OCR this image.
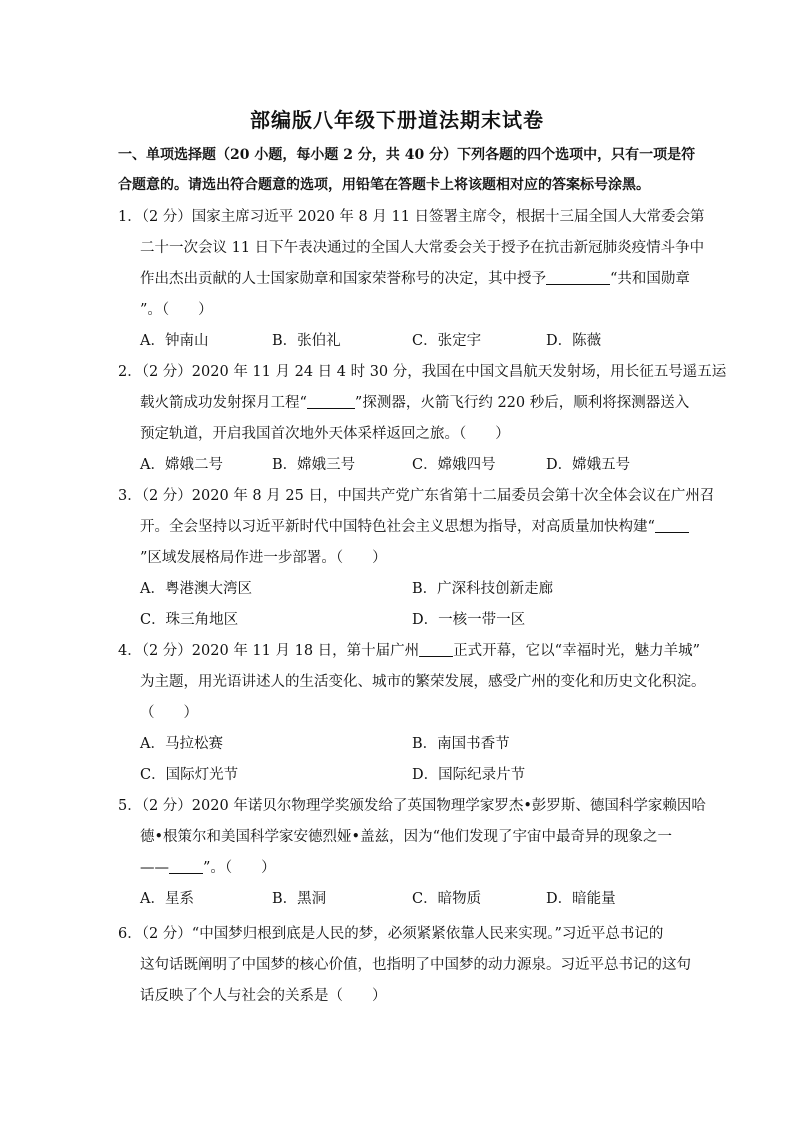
部编版八年级下册道法期末试卷
一、单项选择题（20 小题，每小题 2 分，共 40 分）下列各题的四个选项中，只有一项是符
合题意的。请选出符合题意的选项，用铅笔在答题卡上将该题相对应的答案标号涂黑。
1．（2 分）国家主席习近平 2020 年 8 月 11 日签署主席令，根据十三届全国人大常委会第
二十一次会议 11 日下午表决通过的全国人大常委会关于授予在抗击新冠肺炎疫情斗争中
作出杰出贡献的人士国家勋章和国家荣誉称号的决定，其中授予	“共和国勋章
”。（　　）
A．钟南山	B．张伯礼	C．张定宇	D．陈薇
2．（2 分）2020 年 11 月 24 日 4 时 30 分，我国在中国文昌航天发射场，用长征五号遥五运
载火箭成功发射探月工程“	”探测器，火箭飞行约 220 秒后，顺利将探测器送入
预定轨道，开启我国首次地外天体采样返回之旅。（　　）
A．嫦娥二号	B．嫦娥三号	C．嫦娥四号	D．嫦娥五号
3．（2 分）2020 年 8 月 25 日，中国共产党广东省第十二届委员会第十次全体会议在广州召
开。全会坚持以习近平新时代中国特色社会主义思想为指导，对高质量加快构建“
”区域发展格局作进一步部署。（　　）
A．粤港澳大湾区	B．广深科技创新走廊
C．珠三角地区	D．一核一带一区
4．（2 分）2020 年 11 月 18 日，第十届广州 正式开幕，它以“幸福时光，魅力羊城”
为主题，用光语讲述人的生活变化、城市的繁荣发展，感受广州的变化和历史文化积淀。
（　　）
A．马拉松赛	B．南国书香节
C．国际灯光节	D．国际纪录片节
5．（2 分）2020 年诺贝尔物理学奖颁发给了英国物理学家罗杰•彭罗斯、德国科学家赖因哈
德•根策尔和美国科学家安德烈娅•盖兹，因为“他们发现了宇宙中最奇异的现象之一
—— ”。（　　）
A．星系	B．黑洞	C．暗物质	D．暗能量
6．（2 分）“中国梦归根到底是人民的梦，必须紧紧依靠人民来实现。”习近平总书记的
这句话既阐明了中国梦的核心价值，也指明了中国梦的动力源泉。习近平总书记的这句
话反映了个人与社会的关系是（　　）
